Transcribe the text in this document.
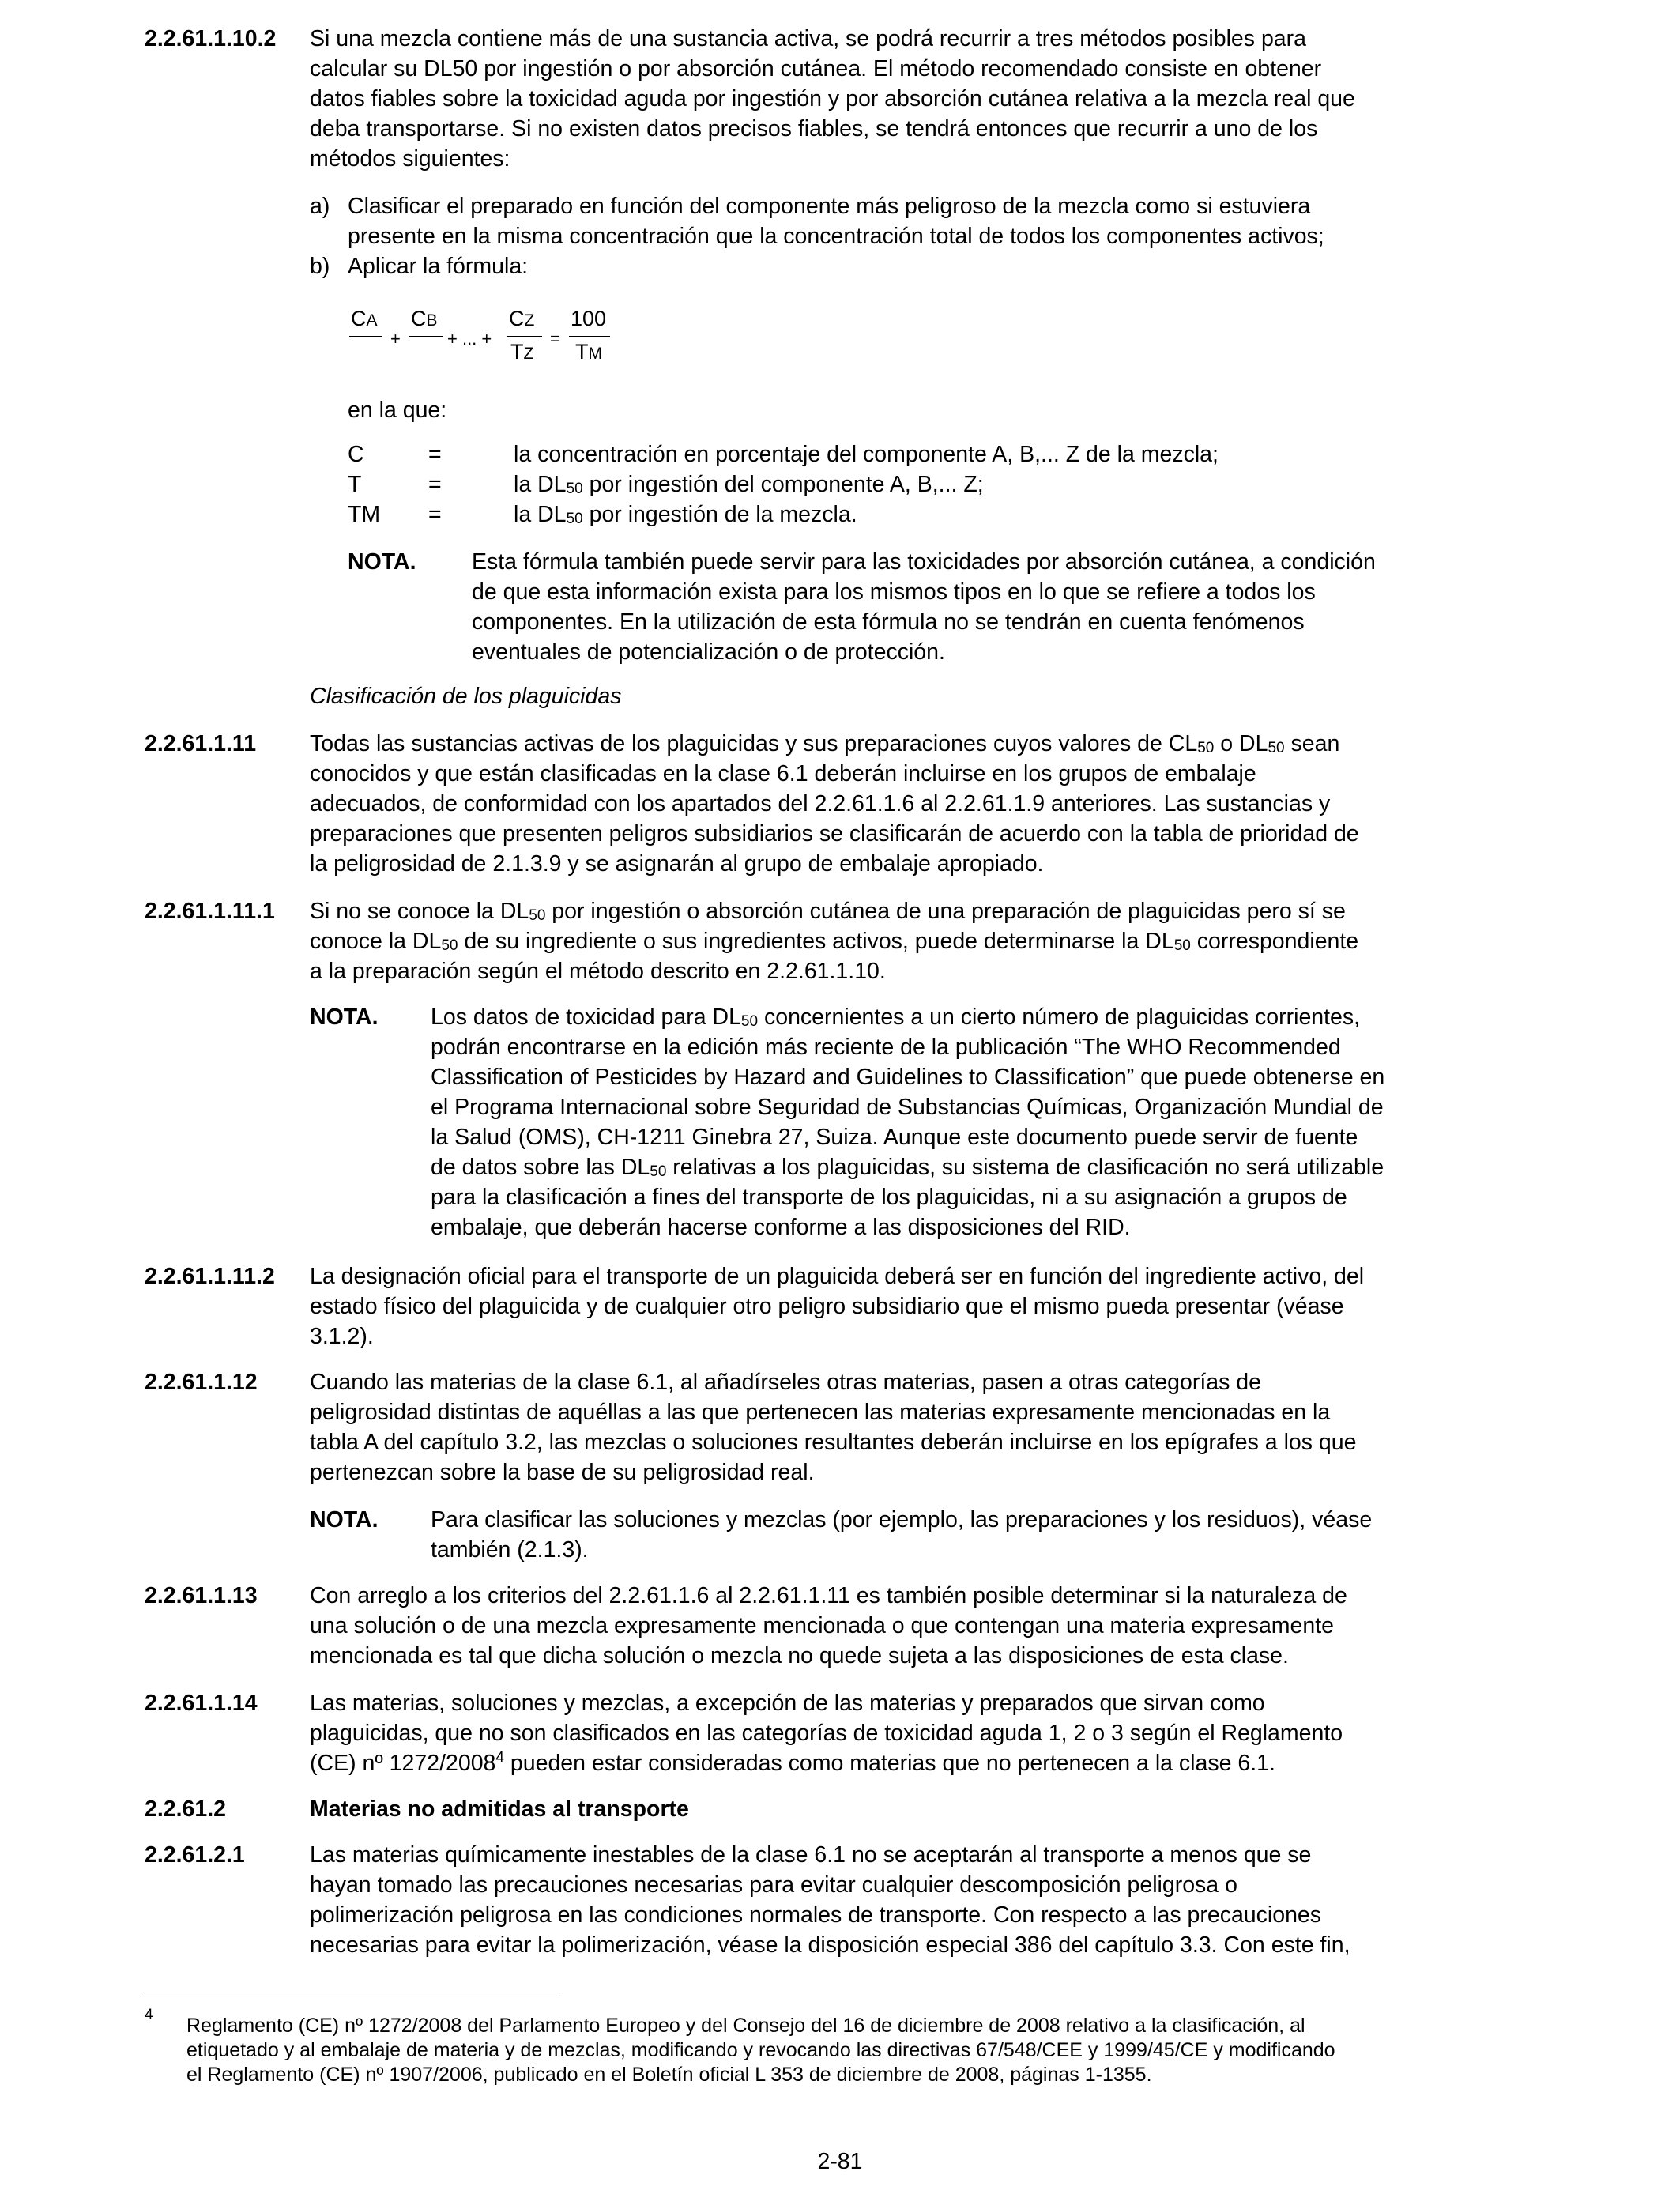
2.2.61.1.10.2	Si una mezcla contiene más de una sustancia activa, se podrá recurrir a tres métodos posibles para
calcular su DL50 por ingestión o por absorción cutánea. El método recomendado consiste en obtener
datos fiables sobre la toxicidad aguda por ingestión y por absorción cutánea relativa a la mezcla real que
deba transportarse. Si no existen datos precisos fiables, se tendrá entonces que recurrir a uno de los
métodos siguientes:
a) Clasificar el preparado en función del componente más peligroso de la mezcla como si estuviera
presente en la misma concentración que la concentración total de todos los componentes activos;
b) Aplicar la fórmula:
CA
+
CB
+ ... +
CZ
TZ
=
100
TM
en la que:
C	=	la concentración en porcentaje del componente A, B,... Z de la mezcla;
T	=	la $DL_{50}$ por ingestión del componente A, B,... Z;
TM	=	la $DL_{50}$ por ingestión de la mezcla.
NOTA. Esta fórmula también puede servir para las toxicidades por absorción cutánea, a condición
de que esta información exista para los mismos tipos en lo que se refiere a todos los
componentes. En la utilización de esta fórmula no se tendrán en cuenta fenómenos
eventuales de potencialización o de protección.
Clasificación de los plaguicidas
2.2.61.1.11	Todas las sustancias activas de los plaguicidas y sus preparaciones cuyos valores de $CL_{50}$ o $DL_{50}$ sean
conocidos y que están clasificadas en la clase 6.1 deberán incluirse en los grupos de embalaje
adecuados, de conformidad con los apartados del 2.2.61.1.6 al 2.2.61.1.9 anteriores. Las sustancias y
preparaciones que presenten peligros subsidiarios se clasificarán de acuerdo con la tabla de prioridad de
la peligrosidad de 2.1.3.9 y se asignarán al grupo de embalaje apropiado.
2.2.61.1.11.1	Si no se conoce la $DL_{50}$ por ingestión o absorción cutánea de una preparación de plaguicidas pero sí se
conoce la $DL_{50}$ de su ingrediente o sus ingredientes activos, puede determinarse la $DL_{50}$ correspondiente
a la preparación según el método descrito en 2.2.61.1.10.
NOTA. Los datos de toxicidad para $DL_{50}$ concernientes a un cierto número de plaguicidas corrientes,
podrán encontrarse en la edición más reciente de la publicación “The WHO Recommended
Classification of Pesticides by Hazard and Guidelines to Classification” que puede obtenerse en
el Programa Internacional sobre Seguridad de Substancias Químicas, Organización Mundial de
la Salud (OMS), CH-1211 Ginebra 27, Suiza. Aunque este documento puede servir de fuente
de datos sobre las $DL_{50}$ relativas a los plaguicidas, su sistema de clasificación no será utilizable
para la clasificación a fines del transporte de los plaguicidas, ni a su asignación a grupos de
embalaje, que deberán hacerse conforme a las disposiciones del RID.
2.2.61.1.11.2	La designación oficial para el transporte de un plaguicida deberá ser en función del ingrediente activo, del
estado físico del plaguicida y de cualquier otro peligro subsidiario que el mismo pueda presentar (véase
3.1.2).
2.2.61.1.12	Cuando las materias de la clase 6.1, al añadírseles otras materias, pasen a otras categorías de
peligrosidad distintas de aquéllas a las que pertenecen las materias expresamente mencionadas en la
tabla A del capítulo 3.2, las mezclas o soluciones resultantes deberán incluirse en los epígrafes a los que
pertenezcan sobre la base de su peligrosidad real.
NOTA. Para clasificar las soluciones y mezclas (por ejemplo, las preparaciones y los residuos), véase
también (2.1.3).
2.2.61.1.13	Con arreglo a los criterios del 2.2.61.1.6 al 2.2.61.1.11 es también posible determinar si la naturaleza de
una solución o de una mezcla expresamente mencionada o que contengan una materia expresamente
mencionada es tal que dicha solución o mezcla no quede sujeta a las disposiciones de esta clase.
2.2.61.1.14	Las materias, soluciones y mezclas, a excepción de las materias y preparados que sirvan como
plaguicidas, que no son clasificados en las categorías de toxicidad aguda 1, 2 o 3 según el Reglamento
(CE) nº 1272/2008$^4$ pueden estar consideradas como materias que no pertenecen a la clase 6.1.
2.2.61.2	Materias no admitidas al transporte
2.2.61.2.1	Las materias químicamente inestables de la clase 6.1 no se aceptarán al transporte a menos que se
hayan tomado las precauciones necesarias para evitar cualquier descomposición peligrosa o
polimerización peligrosa en las condiciones normales de transporte. Con respecto a las precauciones
necesarias para evitar la polimerización, véase la disposición especial 386 del capítulo 3.3. Con este fin,
4 Reglamento (CE) nº 1272/2008 del Parlamento Europeo y del Consejo del 16 de diciembre de 2008 relativo a la clasificación, al
etiquetado y al embalaje de materia y de mezclas, modificando y revocando las directivas 67/548/CEE y 1999/45/CE y modificando
el Reglamento (CE) nº 1907/2006, publicado en el Boletín oficial L 353 de diciembre de 2008, páginas 1-1355.
2-81
